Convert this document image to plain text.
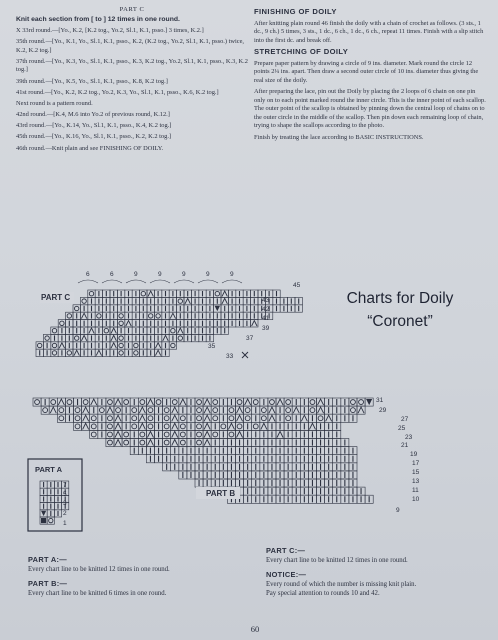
PART C

Knit each section from [ to ] 12 times in one round.

X 33rd round.—[Yo., K.2, [K.2 tog., Yo.2, Sl.1, K.1, psso.] 3 times, K.2.]

35th round.—[Yo., K.1, Yo., Sl.1, K.1, psso., K.2, (K.2 tog., Yo.2, Sl.1, K.1, psso.) twice, K.2, K.2 tog.]

37th round.—[Yo., K.3, Yo., Sl.1, K.1, psso., K.3, K.2 tog., Yo.2, Sl.1, K.1, psso., K.3, K.2 tog.]

39th round.—[Yo., K.5, Yo., Sl.1, K.1, psso., K.8, K.2 tog.]

41st round.—[Yo., K.2, K.2 tog., Yo.2, K.3, Yo., Sl.1, K.1, psso., K.6, K.2 tog.]

Next round is a pattern round.

42nd round.—[K.4, M.6 into Yo.2 of previous round, K.12.]

43rd round.—[Yo., K.14, Yo., Sl.1, K.1, psso., K.4, K.2 tog.]

45th round.—[Yo., K.16, Yo., Sl.1, K.1, psso., K.2, K.2 tog.]

46th round.—Knit plain and see FINISHING OF DOILY.

FINISHING OF DOILY

After knitting plain round 46 finish the doily with a chain of crochet as follows. (3 sts., 1 dc., 9 ch.) 5 times, 3 sts., 1 dc., 6 ch., 1 dc., 6 ch., repeat 11 times. Finish with a slip stitch into the first dc. and break off.

STRETCHING OF DOILY

Prepare paper pattern by drawing a circle of 9 ins. diameter. Mark round the circle 12 points 2¼ ins. apart. Then draw a second outer circle of 10 ins. diameter thus giving the real size of the doily.

After preparing the lace, pin out the Doily by placing the 2 loops of 6 chain on one pin only on to each point marked round the inner circle. This is the inner point of each scallop. The outer point of the scallop is obtained by pinning down the central loop of chains on to the outer circle in the middle of the scallop. Then pin down each remaining loop of chain, trying to shape the scallops according to the photo.

Finish by treating the lace according to BASIC INSTRUCTIONS.

PART C
6	6	9	9	9	9	9
45
43
42
41
39
37
35
33
PART B
31
29
27
25
23
21
19
17
15
13
11
10
9
PART A
7
5
3
2
1
Charts for Doily
“Coronet”
PART A:—
Every chart line to be knitted 12 times in one round.
PART B:—
Every chart line to be knitted 6 times in one round.
PART C:—
Every chart line to be knitted 12 times in one round.
NOTICE:—
Every round of which the number is missing knit plain.
Pay special attention to rounds 10 and 42.
60
